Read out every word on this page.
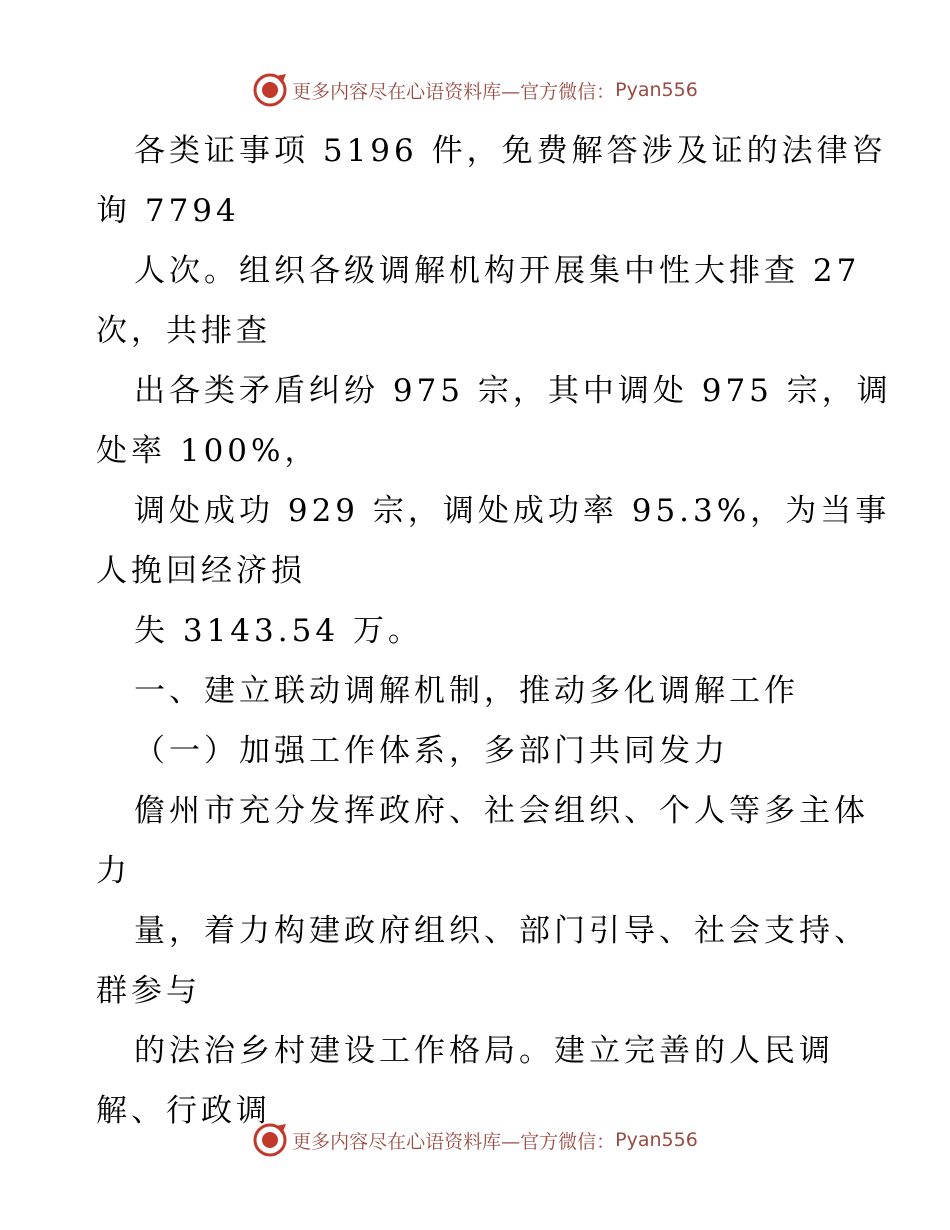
更多内容尽在心语资料库—官方微信： Pyan556
各类证事项 5196 件，免费解答涉及证的法律咨
询 7794
人次。组织各级调解机构开展集中性大排查 27
次，共排查
出各类矛盾纠纷 975 宗，其中调处 975 宗，调
处率 100%，
调处成功 929 宗，调处成功率 95.3%，为当事
人挽回经济损
失 3143.54 万。
一、建立联动调解机制，推动多化调解工作
（一）加强工作体系，多部门共同发力
儋州市充分发挥政府、社会组织、个人等多主体
力
量，着力构建政府组织、部门引导、社会支持、
群参与
的法治乡村建设工作格局。建立完善的人民调
解、行政调
更多内容尽在心语资料库—官方微信： Pyan556
